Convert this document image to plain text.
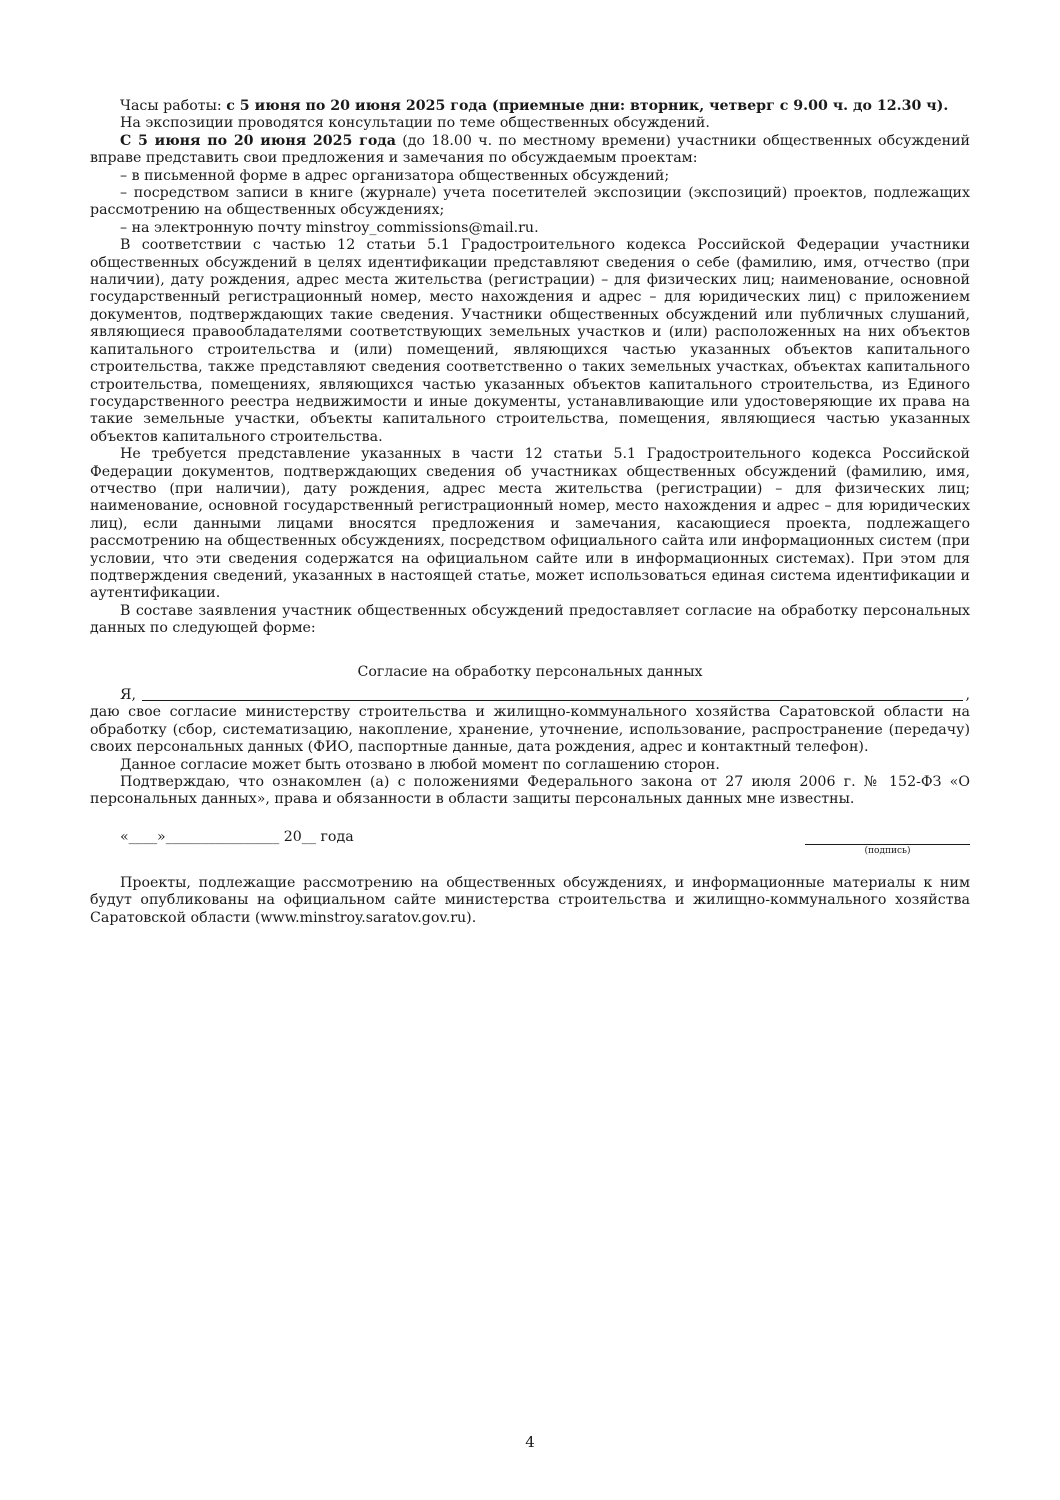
Часы работы: с 5 июня по 20 июня 2025 года (приемные дни: вторник, четверг с 9.00 ч. до 12.30 ч).

На экспозиции проводятся консультации по теме общественных обсуждений.

С 5 июня по 20 июня 2025 года (до 18.00 ч. по местному времени) участники общественных обсуждений вправе представить свои предложения и замечания по обсуждаемым проектам:

– в письменной форме в адрес организатора общественных обсуждений;

– посредством записи в книге (журнале) учета посетителей экспозиции (экспозиций) проектов, подлежащих рассмотрению на общественных обсуждениях;

– на электронную почту minstroy_commissions@mail.ru.

В соответствии с частью 12 статьи 5.1 Градостроительного кодекса Российской Федерации участники общественных обсуждений в целях идентификации представляют сведения о себе (фамилию, имя, отчество (при наличии), дату рождения, адрес места жительства (регистрации) – для физических лиц; наименование, основной государственный регистрационный номер, место нахождения и адрес – для юридических лиц) с приложением документов, подтверждающих такие сведения. Участники общественных обсуждений или публичных слушаний, являющиеся правообладателями соответствующих земельных участков и (или) расположенных на них объектов капитального строительства и (или) помещений, являющихся частью указанных объектов капитального строительства, также представляют сведения соответственно о таких земельных участках, объектах капитального строительства, помещениях, являющихся частью указанных объектов капитального строительства, из Единого государственного реестра недвижимости и иные документы, устанавливающие или удостоверяющие их права на такие земельные участки, объекты капитального строительства, помещения, являющиеся частью указанных объектов капитального строительства.

Не требуется представление указанных в части 12 статьи 5.1 Градостроительного кодекса Российской Федерации документов, подтверждающих сведения об участниках общественных обсуждений (фамилию, имя, отчество (при наличии), дату рождения, адрес места жительства (регистрации) – для физических лиц; наименование, основной государственный регистрационный номер, место нахождения и адрес – для юридических лиц), если данными лицами вносятся предложения и замечания, касающиеся проекта, подлежащего рассмотрению на общественных обсуждениях, посредством официального сайта или информационных систем (при условии, что эти сведения содержатся на официальном сайте или в информационных системах). При этом для подтверждения сведений, указанных в настоящей статье, может использоваться единая система идентификации и аутентификации.

В составе заявления участник общественных обсуждений предоставляет согласие на обработку персональных данных по следующей форме:

Согласие на обработку персональных данных

Я,	,

даю свое согласие министерству строительства и жилищно-коммунального хозяйства Саратовской области на обработку (сбор, систематизацию, накопление, хранение, уточнение, использование, распространение (передачу) своих персональных данных (ФИО, паспортные данные, дата рождения, адрес и контактный телефон).

Данное согласие может быть отозвано в любой момент по соглашению сторон.

Подтверждаю, что ознакомлен (а) с положениями Федерального закона от 27 июля 2006 г. № 152-ФЗ «О персональных данных», права и обязанности в области защиты персональных данных мне известны.

«____»________________ 20__ года
(подпись)

Проекты, подлежащие рассмотрению на общественных обсуждениях, и информационные материалы к ним будут опубликованы на официальном сайте министерства строительства и жилищно-коммунального хозяйства Саратовской области (www.minstroy.saratov.gov.ru).

4
